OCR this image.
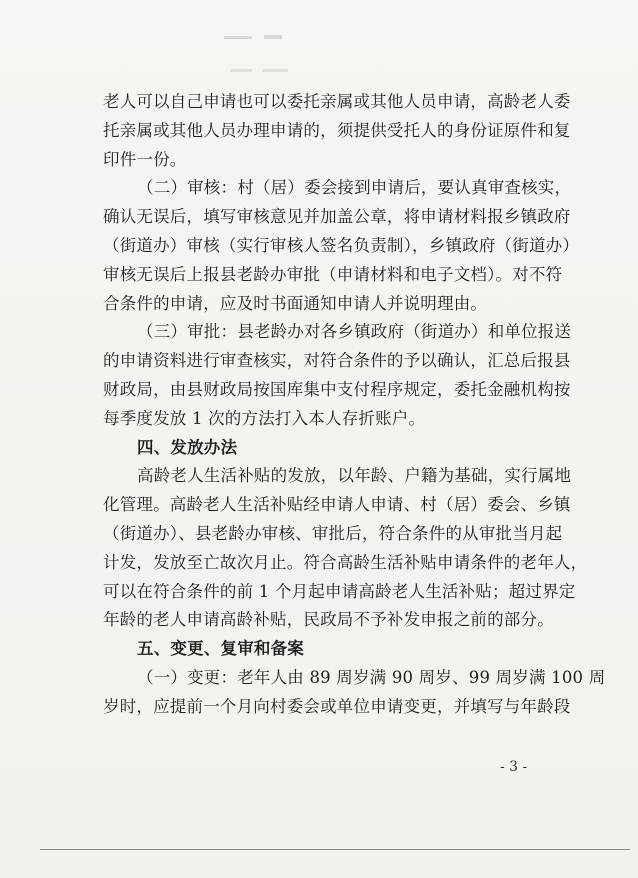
老人可以自己申请也可以委托亲属或其他人员申请，高龄老人委
托亲属或其他人员办理申请的，须提供受托人的身份证原件和复
印件一份。
（二）审核：村（居）委会接到申请后，要认真审查核实，
确认无误后，填写审核意见并加盖公章，将申请材料报乡镇政府
（街道办）审核（实行审核人签名负责制），乡镇政府（街道办）
审核无误后上报县老龄办审批（申请材料和电子文档）。对不符
合条件的申请，应及时书面通知申请人并说明理由。
（三）审批：县老龄办对各乡镇政府（街道办）和单位报送
的申请资料进行审查核实，对符合条件的予以确认，汇总后报县
财政局，由县财政局按国库集中支付程序规定，委托金融机构按
每季度发放 1 次的方法打入本人存折账户。
四、发放办法
高龄老人生活补贴的发放，以年龄、户籍为基础，实行属地
化管理。高龄老人生活补贴经申请人申请、村（居）委会、乡镇
（街道办）、县老龄办审核、审批后，符合条件的从审批当月起
计发，发放至亡故次月止。符合高龄生活补贴申请条件的老年人，
可以在符合条件的前 1 个月起申请高龄老人生活补贴；超过界定
年龄的老人申请高龄补贴，民政局不予补发申报之前的部分。
五、变更、复审和备案
（一）变更：老年人由 89 周岁满 90 周岁、99 周岁满 100 周
岁时，应提前一个月向村委会或单位申请变更，并填写与年龄段
- 3 -
